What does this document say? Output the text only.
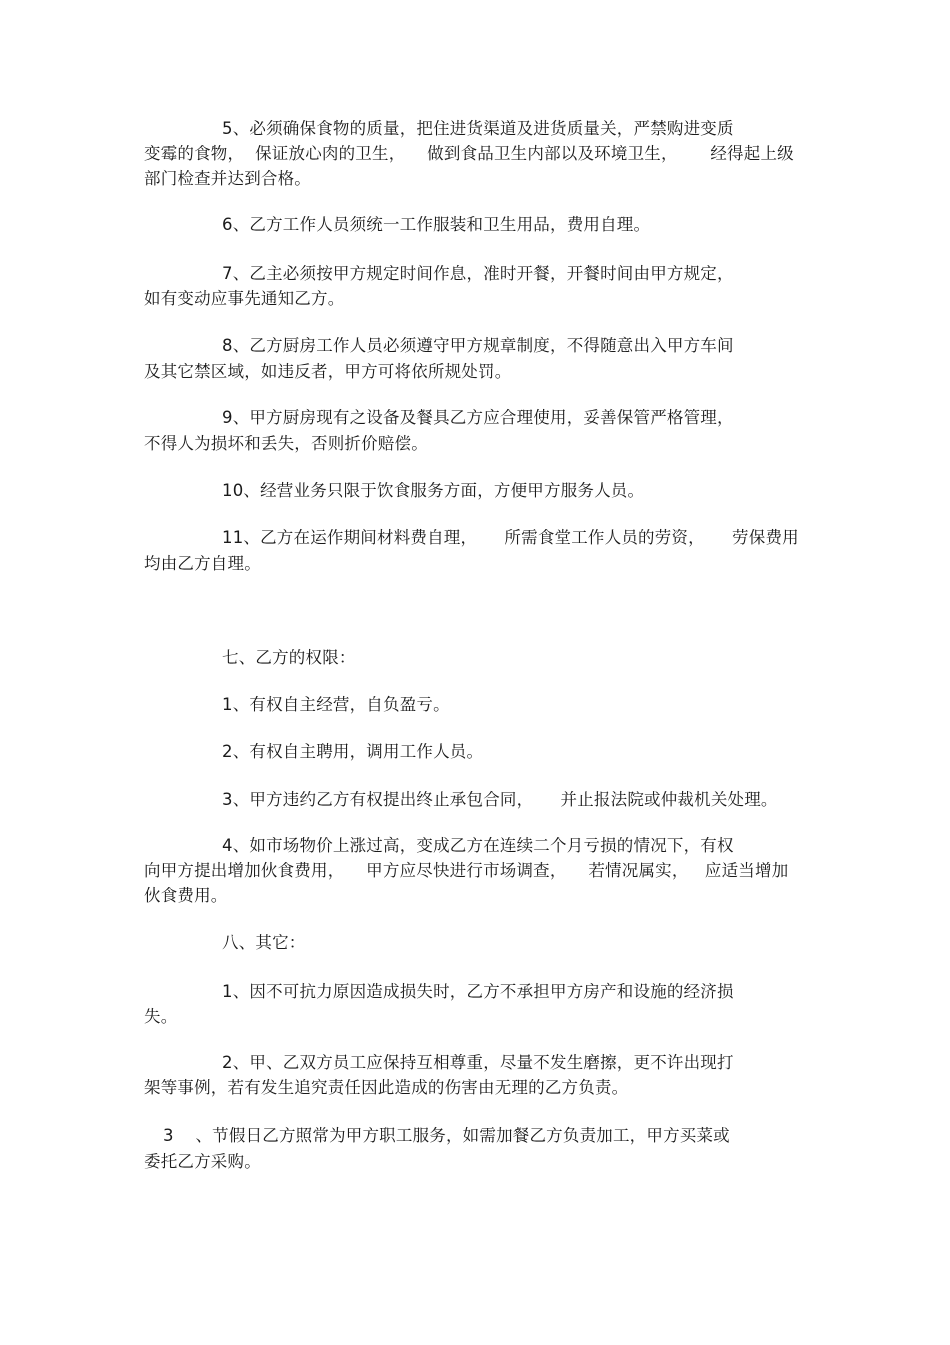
5、必须确保食物的质量，把住进货渠道及进货质量关，严禁购进变质
变霉的食物，  保证放心肉的卫生，    做到食品卫生内部以及环境卫生，      经得起上级
部门检查并达到合格。
6、乙方工作人员须统一工作服装和卫生用品，费用自理。
7、乙主必须按甲方规定时间作息，准时开餐，开餐时间由甲方规定，
如有变动应事先通知乙方。
8、乙方厨房工作人员必须遵守甲方规章制度，不得随意出入甲方车间
及其它禁区域，如违反者，甲方可将依所规处罚。
9、甲方厨房现有之设备及餐具乙方应合理使用，妥善保管严格管理，
不得人为损坏和丢失，否则折价赔偿。
10、经营业务只限于饮食服务方面，方便甲方服务人员。
11、乙方在运作期间材料费自理，     所需食堂工作人员的劳资，     劳保费用
均由乙方自理。
七、乙方的权限：
1、有权自主经营，自负盈亏。
2、有权自主聘用，调用工作人员。
3、甲方违约乙方有权提出终止承包合同，     并止报法院或仲裁机关处理。
4、如市场物价上涨过高，变成乙方在连续二个月亏损的情况下，有权
向甲方提出增加伙食费用，    甲方应尽快进行市场调查，    若情况属实，   应适当增加
伙食费用。
八、其它：
1、因不可抗力原因造成损失时，乙方不承担甲方房产和设施的经济损
失。
2、甲、乙双方员工应保持互相尊重，尽量不发生磨擦，更不许出现打
架等事例，若有发生追究责任因此造成的伤害由无理的乙方负责。
3    、节假日乙方照常为甲方职工服务，如需加餐乙方负责加工，甲方买菜或
委托乙方采购。
